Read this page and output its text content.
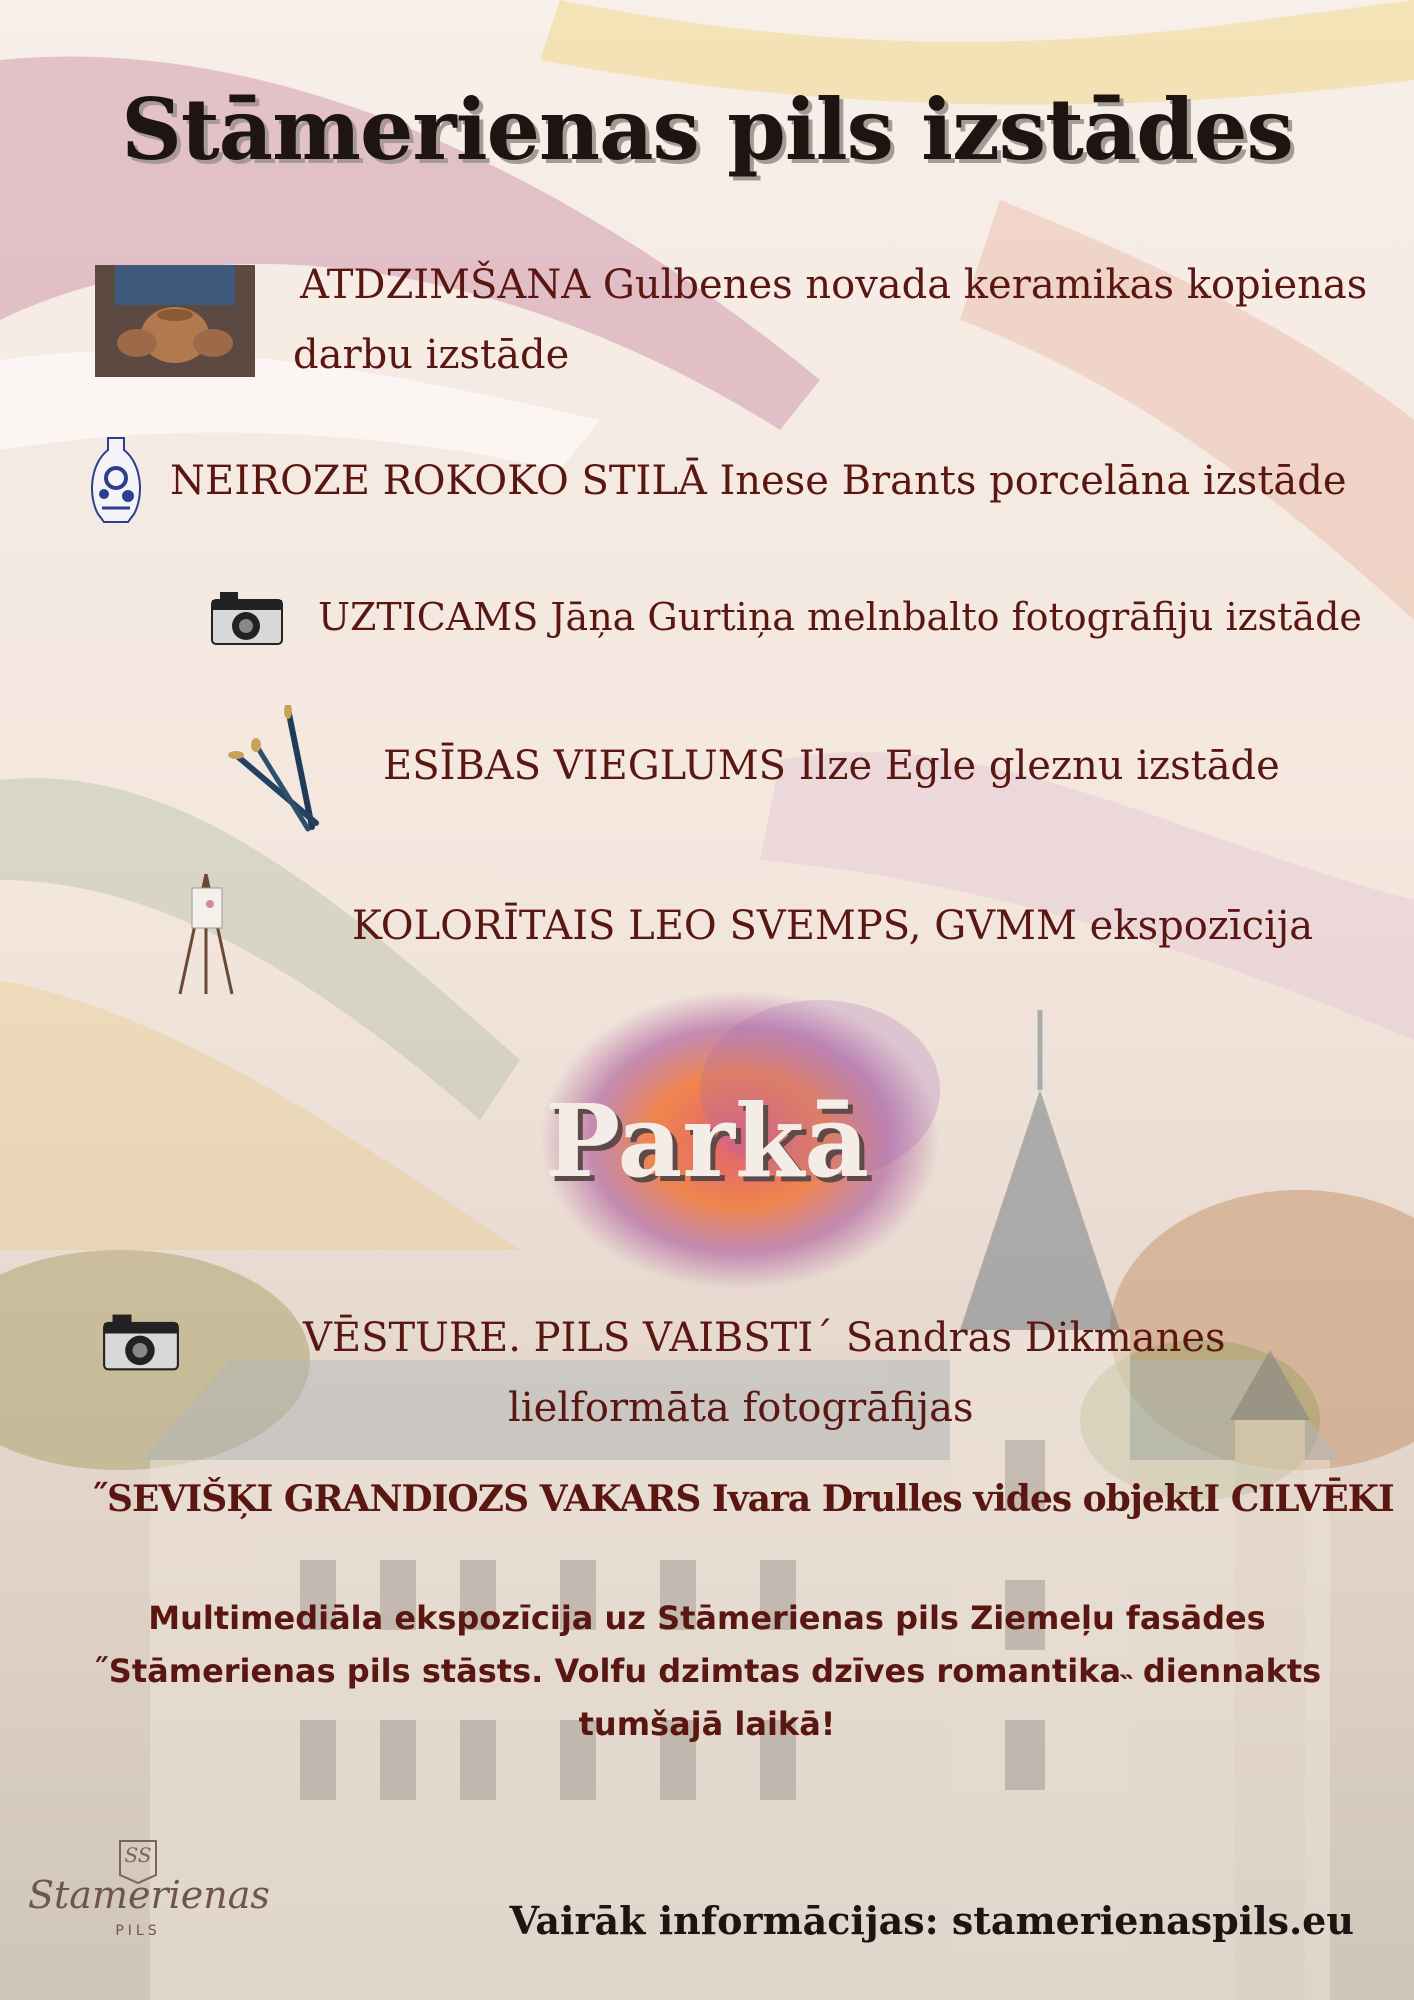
Stāmerienas pils izstādes
ATDZIMŠANA Gulbenes novada keramikas kopienas
darbu izstāde
NEIROZE ROKOKO STILĀ Inese Brants porcelāna izstāde
UZTICAMS Jāņa Gurtiņa melnbalto fotogrāfiju izstāde
ESĪBAS VIEGLUMS Ilze Egle gleznu izstāde
KOLORĪTAIS LEO SVEMPS, GVMM ekspozīcija
Parkā
VĒSTURE. PILS VAIBSTI´ Sandras Dikmanes
lielformāta fotogrāfijas
˝SEVIŠĶI GRANDIOZS VAKARS Ivara Drulles vides objektI CILVĒKI
Multimediāla ekspozīcija uz Stāmerienas pils Ziemeļu fasādes
˝Stāmerienas pils stāsts. Volfu dzimtas dzīves romantika˵ diennakts
tumšajā laikā!
SS
Stamerienas
PILS	Vairāk informācijas: stamerienaspils.eu
